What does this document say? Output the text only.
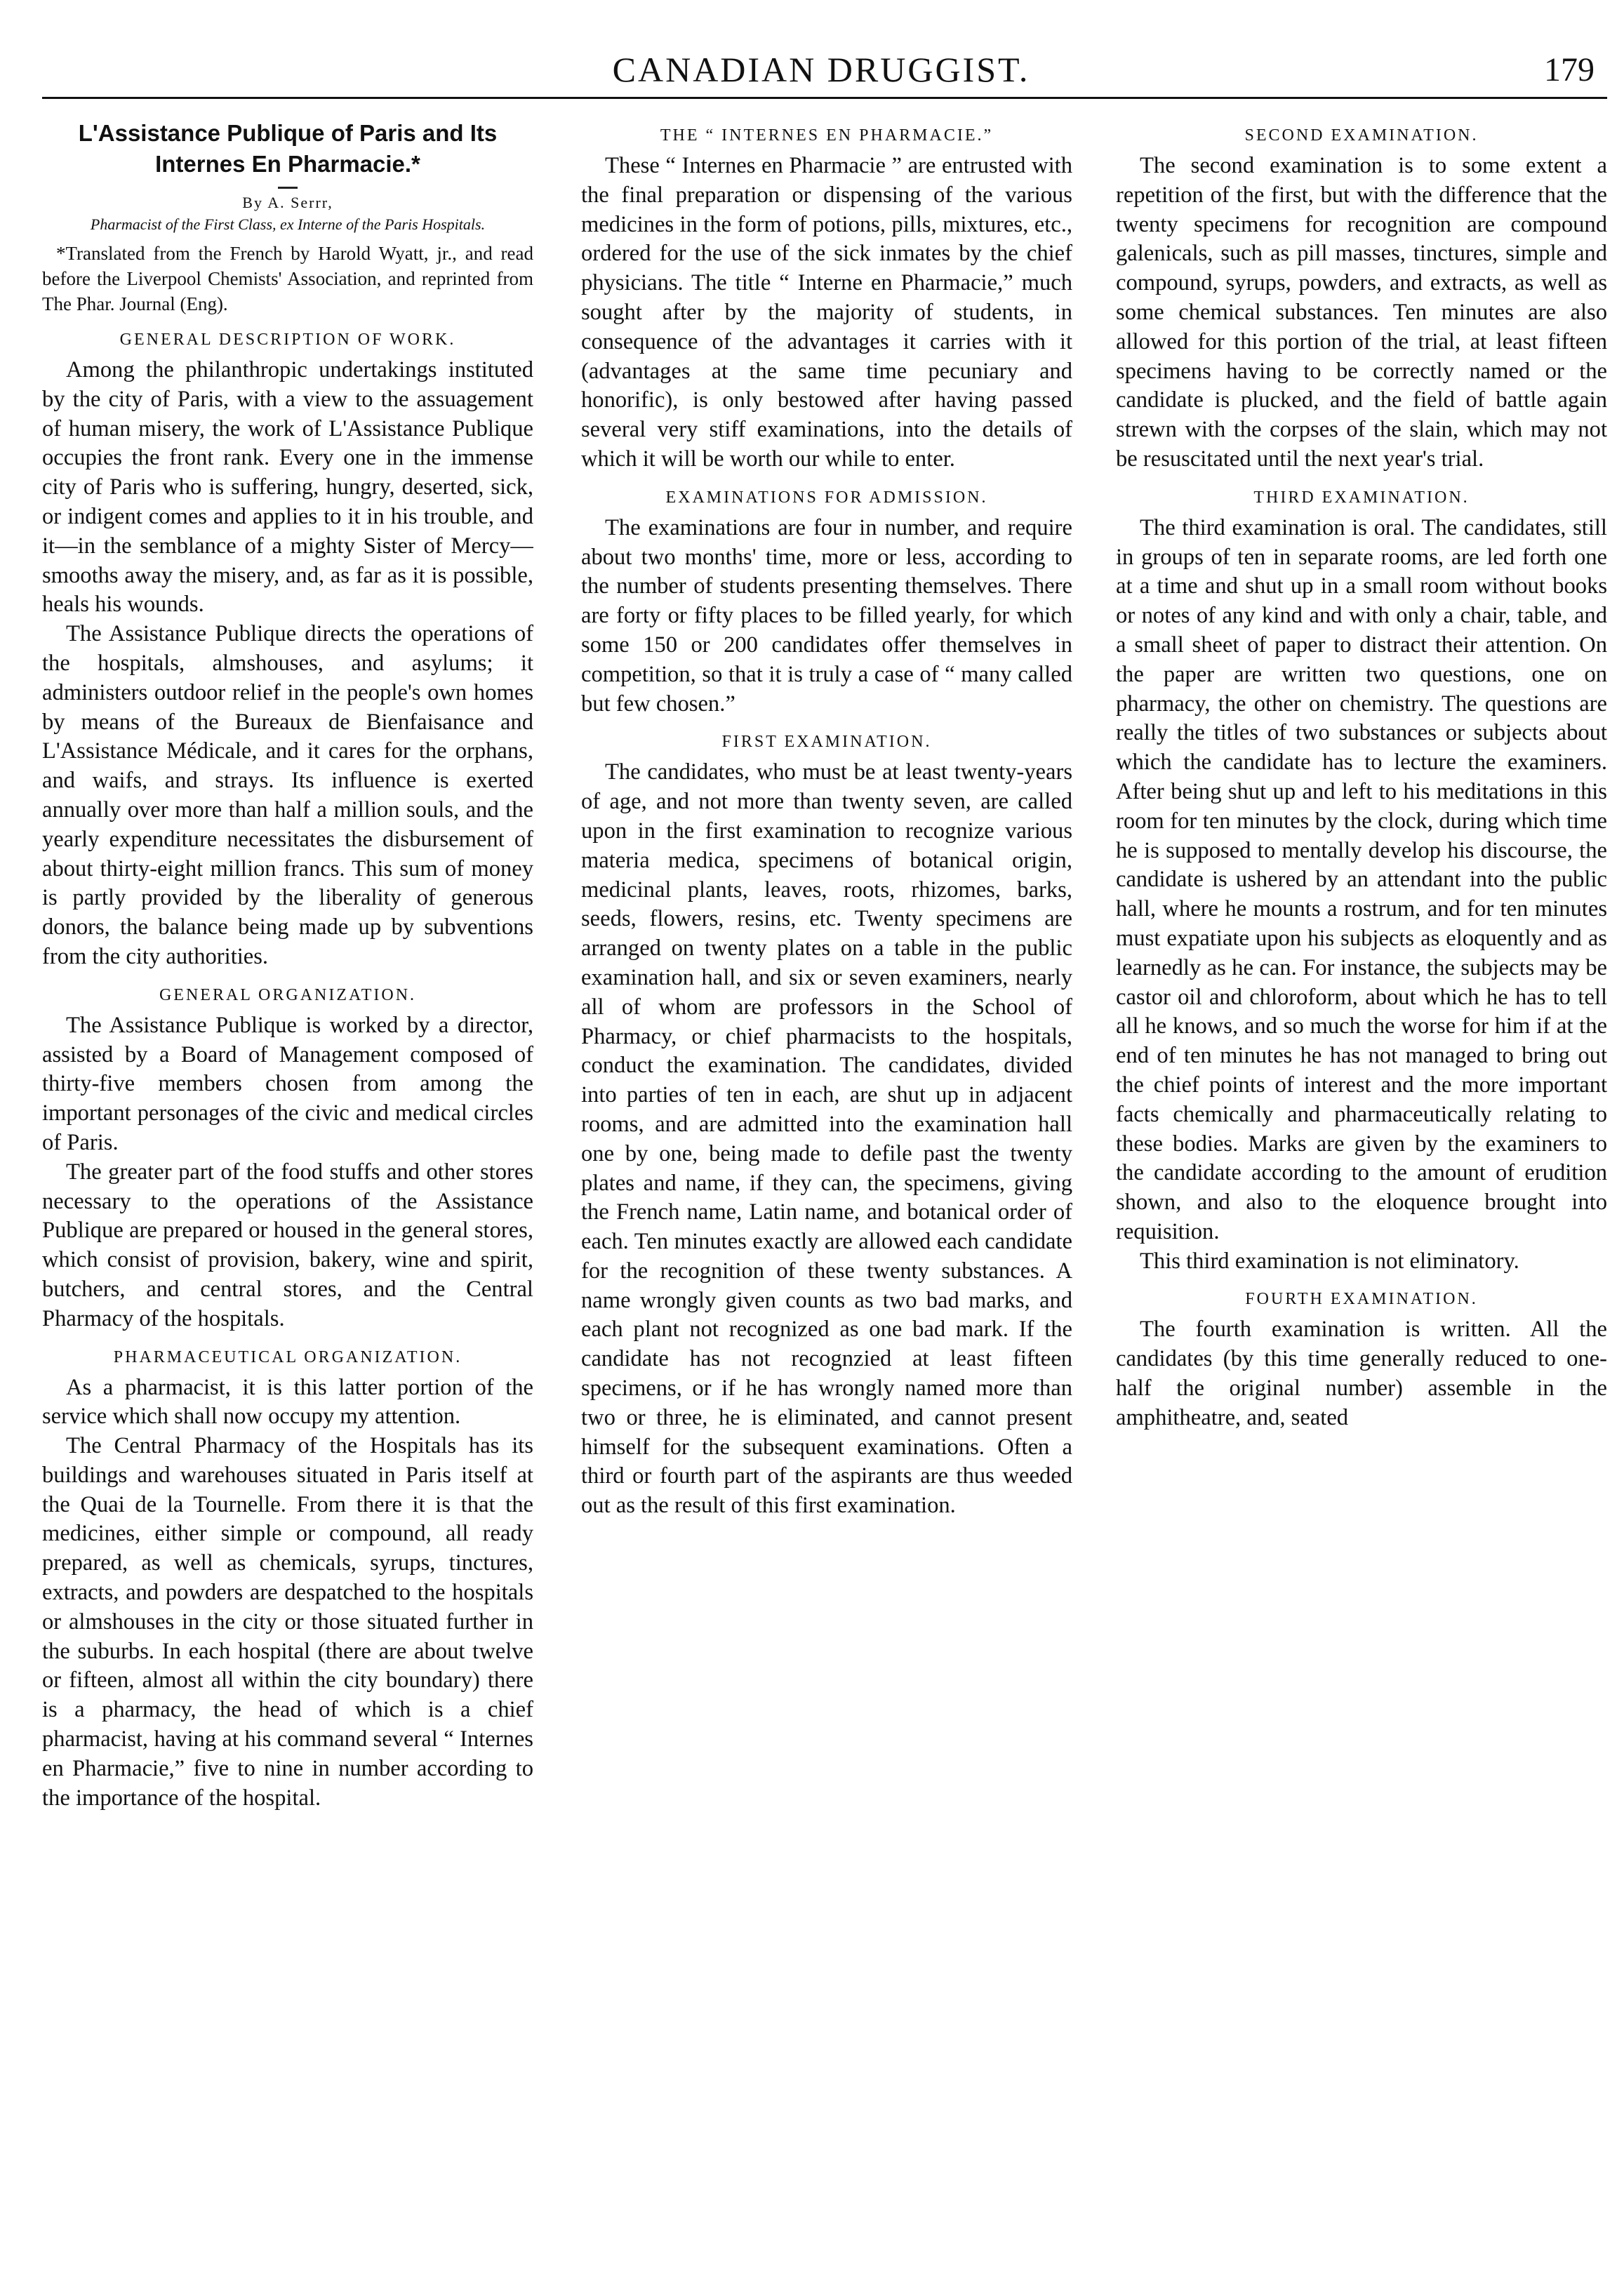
CANADIAN DRUGGIST.	179
L'Assistance Publique of Paris and Its Internes En Pharmacie.*
By A. Serrr,
Pharmacist of the First Class, ex Interne of the Paris Hospitals.

*Translated from the French by Harold Wyatt, jr., and read before the Liverpool Chemists' Association, and reprinted from The Phar. Journal (Eng).

GENERAL DESCRIPTION OF WORK.

Among the philanthropic undertakings instituted by the city of Paris, with a view to the assuagement of human misery, the work of L'Assistance Publique occupies the front rank. Every one in the immense city of Paris who is suffering, hungry, deserted, sick, or indigent comes and applies to it in his trouble, and it—in the semblance of a mighty Sister of Mercy—smooths away the misery, and, as far as it is possible, heals his wounds.

The Assistance Publique directs the operations of the hospitals, almshouses, and asylums; it administers outdoor relief in the people's own homes by means of the Bureaux de Bienfaisance and L'Assistance Médicale, and it cares for the orphans, and waifs, and strays. Its influence is exerted annually over more than half a million souls, and the yearly expenditure necessitates the disbursement of about thirty-eight million francs. This sum of money is partly provided by the liberality of generous donors, the balance being made up by subventions from the city authorities.

GENERAL ORGANIZATION.

The Assistance Publique is worked by a director, assisted by a Board of Management composed of thirty-five members chosen from among the important personages of the civic and medical circles of Paris.

The greater part of the food stuffs and other stores necessary to the operations of the Assistance Publique are prepared or housed in the general stores, which consist of provision, bakery, wine and spirit, butchers, and central stores, and the Central Pharmacy of the hospitals.

PHARMACEUTICAL ORGANIZATION.

As a pharmacist, it is this latter portion of the service which shall now occupy my attention.

The Central Pharmacy of the Hospitals has its buildings and warehouses situated in Paris itself at the Quai de la Tournelle. From there it is that the medicines, either simple or compound, all ready prepared, as well as chemicals, syrups, tinctures, extracts, and powders are despatched to the hospitals or almshouses in the city or those situated further in the suburbs. In each hospital (there are about twelve or fifteen, almost all within the city boundary) there is a pharmacy, the head of which is a chief pharmacist, having at his command several “ Internes en Pharmacie,” five to nine in number according to the importance of the hospital.

THE “ INTERNES EN PHARMACIE.”

These “ Internes en Pharmacie ” are entrusted with the final preparation or dispensing of the various medicines in the form of potions, pills, mixtures, etc., ordered for the use of the sick inmates by the chief physicians. The title “ Interne en Pharmacie,” much sought after by the majority of students, in consequence of the advantages it carries with it (advantages at the same time pecuniary and honorific), is only bestowed after having passed several very stiff examinations, into the details of which it will be worth our while to enter.

EXAMINATIONS FOR ADMISSION.

The examinations are four in number, and require about two months' time, more or less, according to the number of students presenting themselves. There are forty or fifty places to be filled yearly, for which some 150 or 200 candidates offer themselves in competition, so that it is truly a case of “ many called but few chosen.”

FIRST EXAMINATION.

The candidates, who must be at least twenty-years of age, and not more than twenty seven, are called upon in the first examination to recognize various materia medica, specimens of botanical origin, medicinal plants, leaves, roots, rhizomes, barks, seeds, flowers, resins, etc. Twenty specimens are arranged on twenty plates on a table in the public examination hall, and six or seven examiners, nearly all of whom are professors in the School of Pharmacy, or chief pharmacists to the hospitals, conduct the examination. The candidates, divided into parties of ten in each, are shut up in adjacent rooms, and are admitted into the examination hall one by one, being made to defile past the twenty plates and name, if they can, the specimens, giving the French name, Latin name, and botanical order of each. Ten minutes exactly are allowed each candidate for the recognition of these twenty substances. A name wrongly given counts as two bad marks, and each plant not recognized as one bad mark. If the candidate has not recognzied at least fifteen specimens, or if he has wrongly named more than two or three, he is eliminated, and cannot present himself for the subsequent examinations. Often a third or fourth part of the aspirants are thus weeded out as the result of this first examination.

SECOND EXAMINATION.

The second examination is to some extent a repetition of the first, but with the difference that the twenty specimens for recognition are compound galenicals, such as pill masses, tinctures, simple and compound, syrups, powders, and extracts, as well as some chemical substances. Ten minutes are also allowed for this portion of the trial, at least fifteen specimens having to be correctly named or the candidate is plucked, and the field of battle again strewn with the corpses of the slain, which may not be resuscitated until the next year's trial.

THIRD EXAMINATION.

The third examination is oral. The candidates, still in groups of ten in separate rooms, are led forth one at a time and shut up in a small room without books or notes of any kind and with only a chair, table, and a small sheet of paper to distract their attention. On the paper are written two questions, one on pharmacy, the other on chemistry. The questions are really the titles of two substances or subjects about which the candidate has to lecture the examiners. After being shut up and left to his meditations in this room for ten minutes by the clock, during which time he is supposed to mentally develop his discourse, the candidate is ushered by an attendant into the public hall, where he mounts a rostrum, and for ten minutes must expatiate upon his subjects as eloquently and as learnedly as he can. For instance, the subjects may be castor oil and chloroform, about which he has to tell all he knows, and so much the worse for him if at the end of ten minutes he has not managed to bring out the chief points of interest and the more important facts chemically and pharmaceutically relating to these bodies. Marks are given by the examiners to the candidate according to the amount of erudition shown, and also to the eloquence brought into requisition.

This third examination is not eliminatory.

FOURTH EXAMINATION.

The fourth examination is written. All the candidates (by this time generally reduced to one-half the original number) assemble in the amphitheatre, and, seated
